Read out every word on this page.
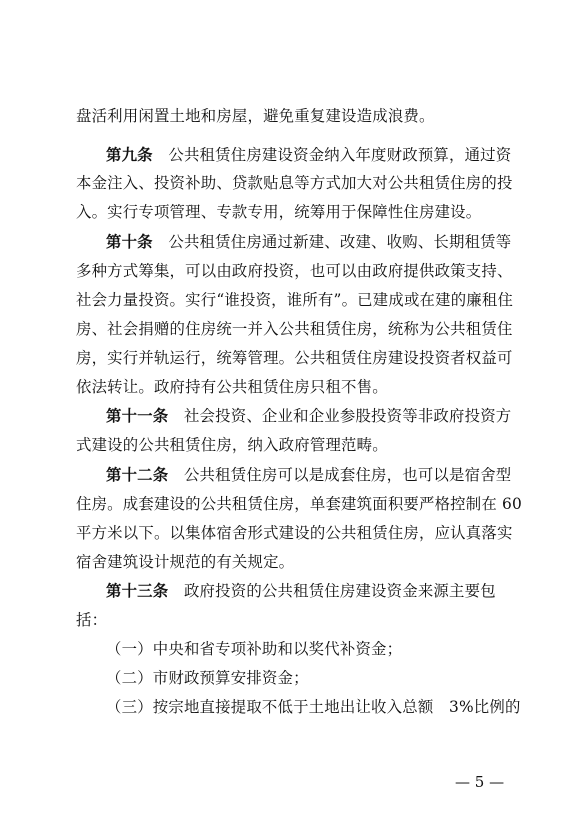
盘活利用闲置土地和房屋，避免重复建设造成浪费。
第九条　公共租赁住房建设资金纳入年度财政预算，通过资
本金注入、投资补助、贷款贴息等方式加大对公共租赁住房的投
入。实行专项管理、专款专用，统筹用于保障性住房建设。
第十条　公共租赁住房通过新建、改建、收购、长期租赁等
多种方式筹集，可以由政府投资，也可以由政府提供政策支持、
社会力量投资。实行“谁投资，谁所有”。已建成或在建的廉租住
房、社会捐赠的住房统一并入公共租赁住房，统称为公共租赁住
房，实行并轨运行，统筹管理。公共租赁住房建设投资者权益可
依法转让。政府持有公共租赁住房只租不售。
第十一条　社会投资、企业和企业参股投资等非政府投资方
式建设的公共租赁住房，纳入政府管理范畴。
第十二条　公共租赁住房可以是成套住房，也可以是宿舍型
住房。成套建设的公共租赁住房，单套建筑面积要严格控制在 60
平方米以下。以集体宿舍形式建设的公共租赁住房，应认真落实
宿舍建筑设计规范的有关规定。
第十三条　政府投资的公共租赁住房建设资金来源主要包
括：
（一）中央和省专项补助和以奖代补资金；
（二）市财政预算安排资金；
（三）按宗地直接提取不低于土地出让收入总额　3%比例的
— 5 —
